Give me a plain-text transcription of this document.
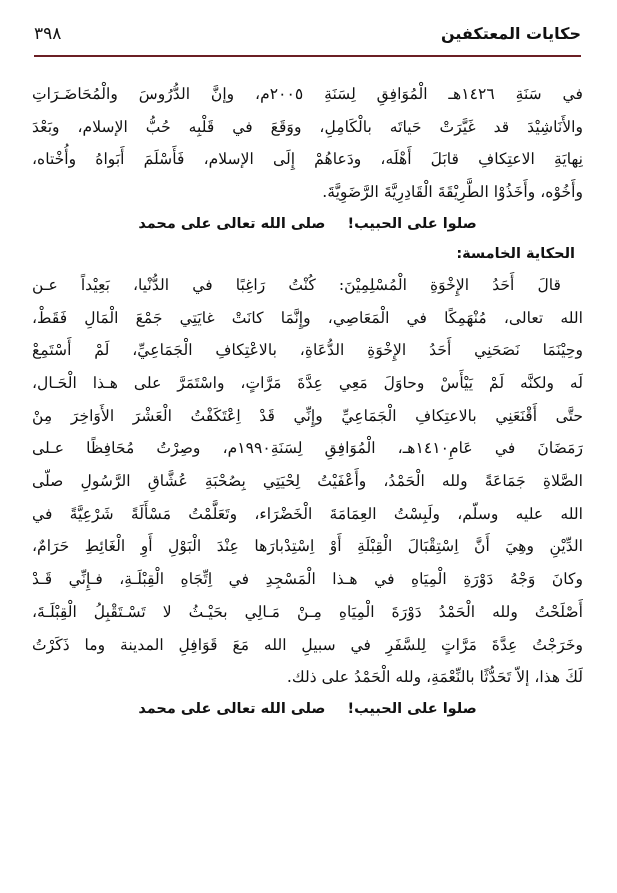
حكايات المعتكفين
٣٩٨

في سَنَةِ ١٤٢٦هـ الْمُوَافِقِ لِسَنَةِ ٢٠٠٥م، وإنَّ الدُّرُوسَ والْمُحَاضَـرَاتِ
والأَنَاشِيْدَ قد غَيَّرَتْ حَياتَه بالْكَامِلِ، ووَقَعَ في قَلْبِه حُبُّ الإسلام، وبَعْدَ
نِهايَةِ الاعتِكافِ قابَلَ أَهْلَه، ودَعاهُمْ إِلَى الإسلام، فَأَسْلَمَ أَبَواهُ وأُخْتاه،
وأَخُوْه، وأَخَذُوْا الطَّرِيْقَةَ الْقَادِرِيَّةَ الرَّضَوِيَّةَ.

صلوا على الحبيب!
صلى الله تعالى على محمد
الحكاية الخامسة:

قالَ أَحَدُ الإِخْوَةِ الْمُسْلِمِيْنَ: كُنْتُ رَاغِبًا في الدُّنْيا، بَعِيْداً عـن
الله تعالى، مُنْهَمِكًا في الْمَعَاصِي، وإِنَّمَا كانَتْ غايَتِي جَمْعَ الْمَالِ فَقَطْ،
وحِيْنَمَا نَصَحَنِي أَحَدُ الإِخْوَةِ الدُّعَاةِ، بالاعْتِكافِ الْجَمَاعِيِّ، لَمْ أَسْتَمِعْ
لَه ولكنَّه لَمْ يَيْأَسْ وحاوَلَ مَعِي عِدَّةَ مَرَّاتٍ، واسْتَمَرَّ على هـذا الْحَـال،
حتَّى أَقْنَعَنِي بالاعتِكافِ الْجَمَاعِيِّ وإِنِّي قَدْ اِعْتَكَفْتُ الْعَشْرَ الأَوَاخِرَ مِنْ
رَمَضَانَ في عَامِ١٤١٠هـ، الْمُوَافِقِ لِسَنَةِ١٩٩٠م، وصِرْتُ مُحَافِظًا عـلى
الصَّلاةِ جَمَاعَةً ولله الْحَمْدُ، وأَعْفَيْتُ لِحْيَتِي بِصُحْبَةِ عُشَّاقِ الرَّسُولِ صلّى
الله عليه وسلّم، ولَبِسْتُ العِمَامَةَ الْخَضْرَاء، وتَعَلَّمْتُ مَسْأَلَةً شَرْعِيَّةً في
الدِّيْنِ وهِيَ أَنَّ اِسْتِقْبَالَ الْقِبْلَةِ أَوْ اِسْتِدْبارَها عِنْدَ الْبَوْلِ أَوِ الْغَائِطِ حَرَامٌ،
وكانَ وَجْهُ دَوْرَةِ الْمِيَاهِ في هـذا الْمَسْجِدِ في اِتِّجَاهِ الْقِبْلَـةِ، فـإِنِّي قَـدْ
أَصْلَحْتُ ولله الْحَمْدُ دَوْرَةَ الْمِيَاهِ مِـنْ مَـالِي بحَيْـثُ لا تَسْـتَقْبِلُ الْقِبْلَـةَ،
وخَرَجْتُ عِدَّةَ مَرَّاتٍ لِلسَّفَرِ في سبيلِ الله مَعَ قَوَافِلِ المدينة وما ذَكَرْتُ
لَكَ هذا، إلاّ تَحَدُّثًا بالنِّعْمَةِ، ولله الْحَمْدُ على ذلك.

صلوا على الحبيب!
صلى الله تعالى على محمد
